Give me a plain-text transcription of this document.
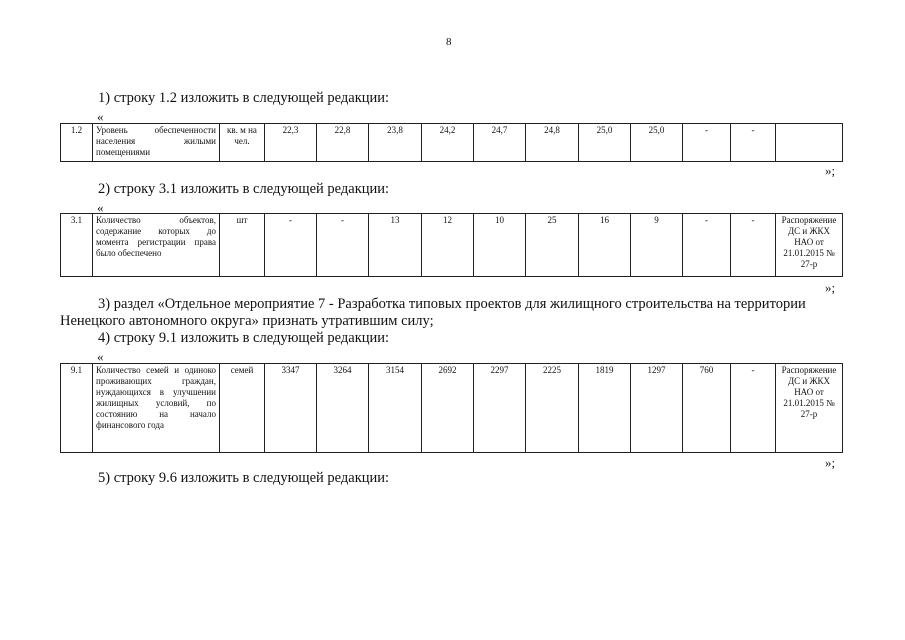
8
1) строку 1.2 изложить в следующей редакции:
«
1.2	Уровень обеспеченности населения жилыми помещениями	кв. м на чел.	22,3	22,8	23,8	24,2	24,7	24,8	25,0	25,0	-	-	
»;
2) строку 3.1 изложить в следующей редакции:
«
3.1	Количество объектов, содержание которых до момента регистрации права было обеспечено	шт	-	-	13	12	10	25	16	9	-	-	Распоряжение ДС и ЖКХ НАО от 21.01.2015 № 27-р
»;
3) раздел «Отдельное мероприятие 7 - Разработка типовых проектов для жилищного строительства на территории Ненецкого автономного округа» признать утратившим силу;
4) строку 9.1 изложить в следующей редакции:
«
9.1	Количество семей и одиноко проживающих граждан, нуждающихся в улучшении жилищных условий, по состоянию на начало финансового года	семей	3347	3264	3154	2692	2297	2225	1819	1297	760	-	Распоряжение ДС и ЖКХ НАО от 21.01.2015 № 27-р
»;
5) строку 9.6 изложить в следующей редакции:
